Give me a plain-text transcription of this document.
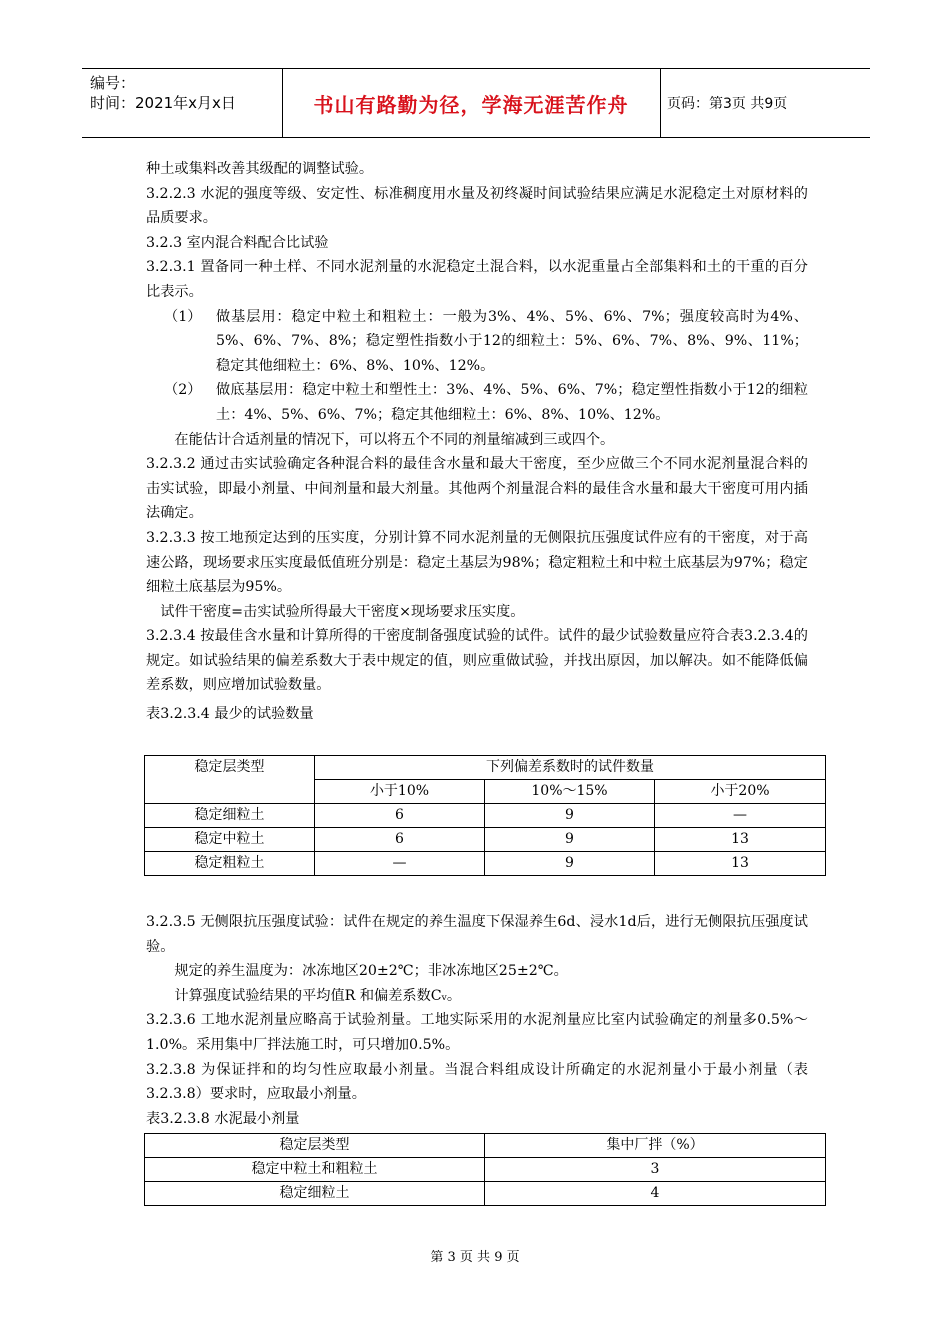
编号：
时间：2021年x月x日	书山有路勤为径，学海无涯苦作舟	页码：第3页 共9页

种土或集料改善其级配的调整试验。

3.2.2.3 水泥的强度等级、安定性、标准稠度用水量及初终凝时间试验结果应满足水泥稳定土对原材料的品质要求。

3.2.3 室内混合料配合比试验

3.2.3.1 置备同一种土样、不同水泥剂量的水泥稳定土混合料，以水泥重量占全部集料和土的干重的百分比表示。

（1）	做基层用：稳定中粒土和粗粒土：一般为3%、4%、5%、6%、7%；强度较高时为4%、5%、6%、7%、8%；稳定塑性指数小于12的细粒土：5%、6%、7%、8%、9%、11%；稳定其他细粒土：6%、8%、10%、12%。
（2）	做底基层用：稳定中粒土和塑性土：3%、4%、5%、6%、7%；稳定塑性指数小于12的细粒土：4%、5%、6%、7%；稳定其他细粒土：6%、8%、10%、12%。

在能估计合适剂量的情况下，可以将五个不同的剂量缩减到三或四个。

3.2.3.2 通过击实试验确定各种混合料的最佳含水量和最大干密度，至少应做三个不同水泥剂量混合料的击实试验，即最小剂量、中间剂量和最大剂量。其他两个剂量混合料的最佳含水量和最大干密度可用内插法确定。

3.2.3.3 按工地预定达到的压实度，分别计算不同水泥剂量的无侧限抗压强度试件应有的干密度，对于高速公路，现场要求压实度最低值班分别是：稳定土基层为98%；稳定粗粒土和中粒土底基层为97%；稳定细粒土底基层为95%。

试件干密度=击实试验所得最大干密度×现场要求压实度。

3.2.3.4 按最佳含水量和计算所得的干密度制备强度试验的试件。试件的最少试验数量应符合表3.2.3.4的规定。如试验结果的偏差系数大于表中规定的值，则应重做试验，并找出原因，加以解决。如不能降低偏差系数，则应增加试验数量。

表3.2.3.4 最少的试验数量

稳定层类型	下列偏差系数时的试件数量		
	小于10%	10%～15%	小于20%
稳定细粒土	6	9	—
稳定中粒土	6	9	13
稳定粗粒土	—	9	13

3.2.3.5 无侧限抗压强度试验：试件在规定的养生温度下保湿养生6d、浸水1d后，进行无侧限抗压强度试验。

规定的养生温度为：冰冻地区20±2℃；非冰冻地区25±2℃。

计算强度试验结果的平均值R 和偏差系数Cᵥ。

3.2.3.6 工地水泥剂量应略高于试验剂量。工地实际采用的水泥剂量应比室内试验确定的剂量多0.5%～1.0%。采用集中厂拌法施工时，可只增加0.5%。

3.2.3.8 为保证拌和的均匀性应取最小剂量。当混合料组成设计所确定的水泥剂量小于最小剂量（表3.2.3.8）要求时，应取最小剂量。

表3.2.3.8 水泥最小剂量

稳定层类型	集中厂拌（%）
稳定中粒土和粗粒土	3
稳定细粒土	4
第 3 页 共 9 页
